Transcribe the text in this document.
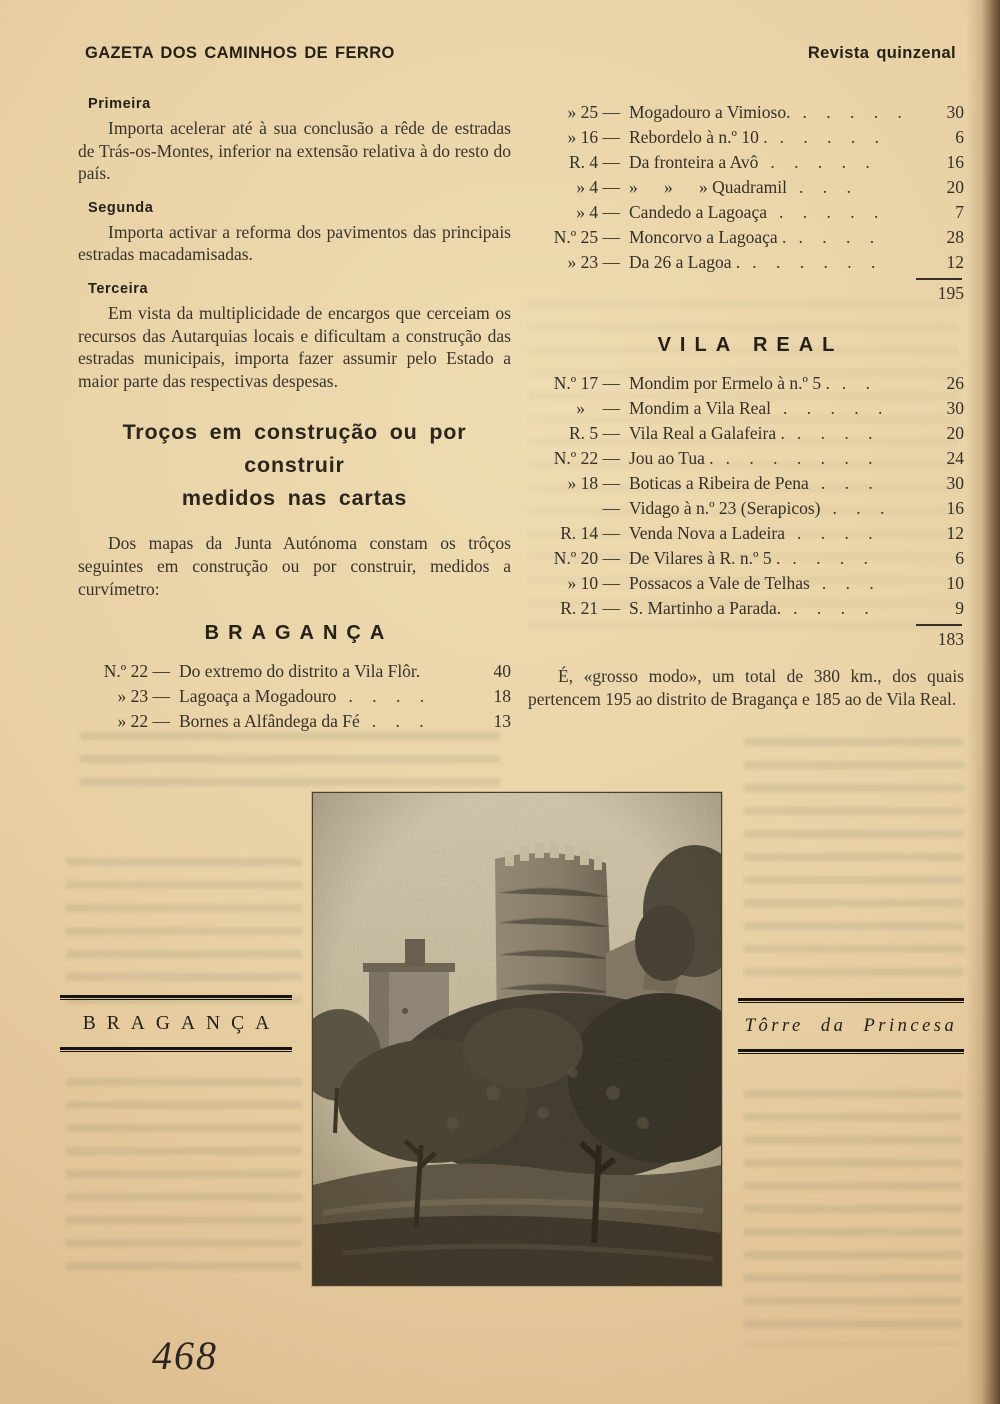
GAZETA DOS CAMINHOS DE FERRO	Revista quinzenal
Primeira

Importa acelerar até à sua conclusão a rêde de estradas de Trás-os-Montes, inferior na extensão relativa à do resto do país.

Segunda

Importa activar a reforma dos pavimentos das principais estradas macadamisadas.

Terceira

Em vista da multiplicidade de encargos que cerceiam os recursos das Autarquias locais e dificultam a construção das estradas municipais, importa fazer assumir pelo Estado a maior parte das respectivas despesas.

Troços em construção ou por construir
medidos nas cartas

Dos mapas da Junta Autónoma constam os trôços seguintes em construção ou por construir, medidos a curvímetro:

BRAGANÇA
N.º 22 — Do extremo do distrito a Vila Flôr.	40
» 23 — Lagoaça a Mogadouro . . . .	18
» 22 — Bornes a Alfândega da Fé . . .	13
» 25 — Mogadouro a Vimioso. . . . . .	30
» 16 — Rebordelo à n.º 10 . . . . . .	6
R. 4 — Da fronteira a Avô . . . . .	16
» 4 — »      »      » Quadramil . . .	20
» 4 — Candedo a Lagoaça . . . . .	7
N.º 25 — Moncorvo a Lagoaça . . . . .	28
» 23 — Da 26 a Lagoa . . . . . . .	12
195
VILA REAL
N.º 17 — Mondim por Ermelo à n.º 5 . . .	26
»    — Mondim a Vila Real . . . . .	30
R. 5 — Vila Real a Galafeira . . . . .	20
N.º 22 — Jou ao Tua . . . . . . . .	24
» 18 — Boticas a Ribeira de Pena . . .	30
— Vidago à n.º 23 (Serapicos) . . .	16
R. 14 — Venda Nova a Ladeira . . . .	12
N.º 20 — De Vilares à R. n.º 5 . . . . .	6
» 10 — Possacos a Vale de Telhas . . .	10
R. 21 — S. Martinho a Parada. . . . .	9
183

É, «grosso modo», um total de 380 km., dos quais pertencem 195 ao distrito de Bragança e 185 ao de Vila Real.

BRAGANÇA	Tôrre da Princesa
468
